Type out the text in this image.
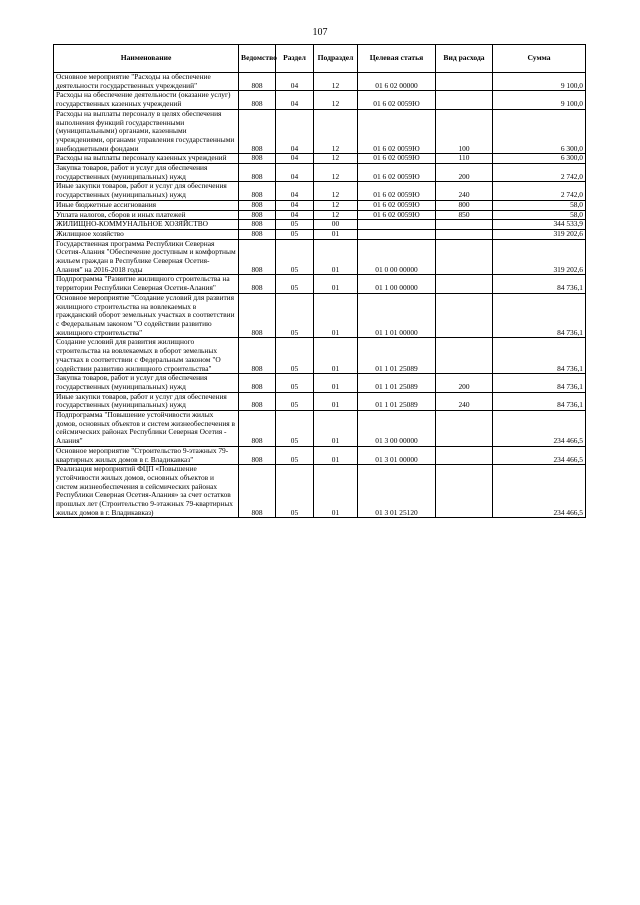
107
Наименование	Ведомство	Раздел	Подраздел	Целевая статья	Вид расхода	Сумма
Основное мероприятие "Расходы на обеспечение деятельности государственных учреждений"	808	04	12	01 6 02 00000		9 100,0
Расходы на обеспечение деятельности (оказание услуг) государственных казенных учреждений	808	04	12	01 6 02 0059Ю		9 100,0
Расходы на выплаты персоналу в целях обеспечения выполнения функций государственными (муниципальными) органами, казенными учреждениями, органами управления государственными внебюджетными фондами	808	04	12	01 6 02 0059Ю	100	6 300,0
Расходы на выплаты персоналу казенных учреждений	808	04	12	01 6 02 0059Ю	110	6 300,0
Закупка товаров, работ и услуг для обеспечения государственных (муниципальных) нужд	808	04	12	01 6 02 0059Ю	200	2 742,0
Иные закупки товаров, работ и услуг для обеспечения государственных (муниципальных) нужд	808	04	12	01 6 02 0059Ю	240	2 742,0
Иные бюджетные ассигнования	808	04	12	01 6 02 0059Ю	800	58,0
Уплата налогов, сборов и иных платежей	808	04	12	01 6 02 0059Ю	850	58,0
ЖИЛИЩНО-КОММУНАЛЬНОЕ ХОЗЯЙСТВО	808	05	00			344 533,9
Жилищное хозяйство	808	05	01			319 202,6
Государственная программа Республики Северная Осетия-Алания "Обеспечение доступным и комфортным жильем граждан в Республике Северная Осетия-Алания" на 2016-2018 годы	808	05	01	01 0 00 00000		319 202,6
Подпрограмма "Развитие жилищного строительства на территории Республики Северная Осетия-Алания"	808	05	01	01 1 00 00000		84 736,1
Основное мероприятие "Создание условий для развития жилищного строительства на вовлекаемых в гражданский оборот земельных участках в соответствии с Федеральным законом "О содействии развитию жилищного строительства"	808	05	01	01 1 01 00000		84 736,1
Создание условий для развития жилищного строительства на вовлекаемых в оборот земельных участках в соответствии с Федеральным законом "О содействии развитию жилищного строительства"	808	05	01	01 1 01 25089		84 736,1
Закупка товаров, работ и услуг для обеспечения государственных (муниципальных) нужд	808	05	01	01 1 01 25089	200	84 736,1
Иные закупки товаров, работ и услуг для обеспечения государственных (муниципальных) нужд	808	05	01	01 1 01 25089	240	84 736,1
Подпрограмма "Повышение устойчивости жилых домов, основных объектов и систем жизнеобеспечения в сейсмических районах Республики Северная Осетия - Алания"	808	05	01	01 3 00 00000		234 466,5
Основное мероприятие "Строительство 9-этажных 79-квартирных жилых домов в г. Владикавказ"	808	05	01	01 3 01 00000		234 466,5
Реализация мероприятий ФЦП «Повышение устойчивости жилых домов, основных объектов и систем жизнеобеспечения в сейсмических районах Республики Северная Осетия-Алания» за счет остатков прошлых лет (Строительство 9-этажных 79-квартирных жилых домов в г. Владикавказ)	808	05	01	01 3 01 25120		234 466,5
